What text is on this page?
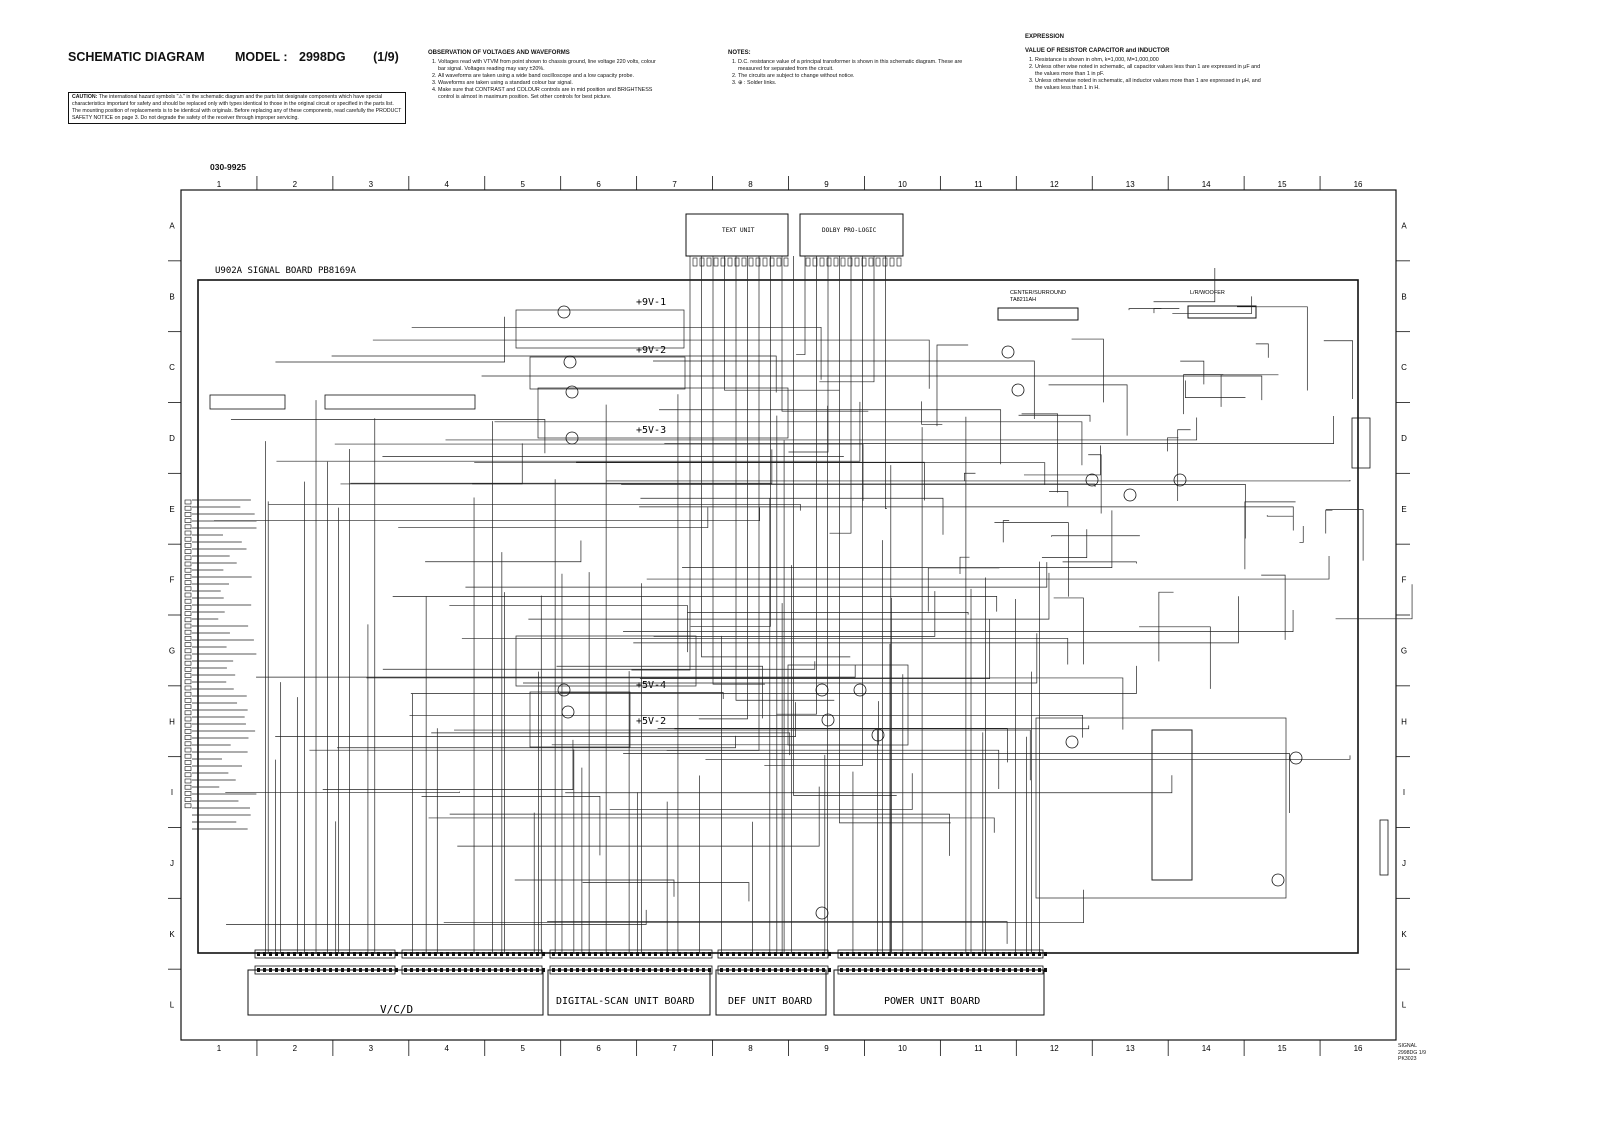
SCHEMATIC DIAGRAM MODEL : 2998DG (1/9)
CAUTION: The international hazard symbols "⚠" in the schematic diagram and the parts list designate components which have special characteristics important for safety and should be replaced only with types identical to those in the original circuit or specified in the parts list. The mounting position of replacements is to be identical with originals. Before replacing any of these components, read carefully the PRODUCT SAFETY NOTICE on page 3. Do not degrade the safety of the receiver through improper servicing.
OBSERVATION OF VOLTAGES AND WAVEFORMS
1. Voltages read with VTVM from point shown to chassis ground, line voltage 220 volts, colour bar signal. Voltages reading may vary ±20%.
2. All waveforms are taken using a wide band oscilloscope and a low capacity probe.
3. Waveforms are taken using a standard colour bar signal.
4. Make sure that CONTRAST and COLOUR controls are in mid position and BRIGHTNESS control is almost in maximum position. Set other controls for best picture.
NOTES:
1. D.C. resistance value of a principal transformer is shown in this schematic diagram. These are measured for separated from the circuit.
2. The circuits are subject to change without notice.
3. ⊕ : Solder links.
EXPRESSION
VALUE OF RESISTOR CAPACITOR and INDUCTOR
1. Resistance is shown in ohm, k=1,000, M=1,000,000
2. Unless other wise noted in schematic, all capacitor values less than 1 are expressed in μF and the values more than 1 in pF.
3. Unless otherwise noted in schematic, all inductor values more than 1 are expressed in μH, and the values less than 1 in H.
030-9925
U902A SIGNAL BOARD PB8169A
TEXT UNIT	DOLBY PRO-LOGIC
CENTER/SURROUND
TA8211AH
L/R/WOOFER
+9V-1
+9V-2
+5V-3
+5V-4
+5V-2
V/C/D
DIGITAL-SCAN UNIT BOARD	DEF UNIT BOARD	POWER UNIT BOARD
1
1
2
2
3
3
4
4
5
5
6
6
7
7
8
8
9
9
10
10
11
11
12
12
13
13
14
14
15
15
16
16
A	A
B	B
C	C
D	D
E	E
F	F
G	G
H	H
I	I
J	J
K	K
L	L
SIGNAL
2998DG 1/9
PK3023
